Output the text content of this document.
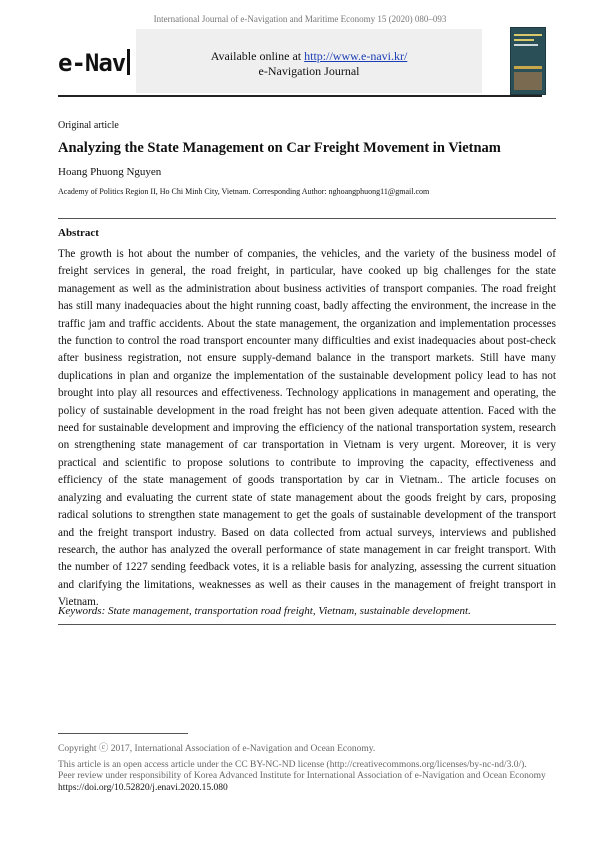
International Journal of e-Navigation and Maritime Economy 15 (2020) 080–093
e-Nav	Available online at http://www.e-navi.kr/
e-Navigation Journal
Original article
Analyzing the State Management on Car Freight Movement in Vietnam
Hoang Phuong Nguyen
Academy of Politics Region II, Ho Chi Minh City, Vietnam. Corresponding Author: nghoangphuong11@gmail.com
Abstract

The growth is hot about the number of companies, the vehicles, and the variety of the business model of freight services in general, the road freight, in particular, have cooked up big challenges for the state management as well as the administration about business activities of transport companies. The road freight has still many inadequacies about the hight running coast, badly affecting the environment, the increase in the traffic jam and traffic accidents. About the state management, the organization and implementation processes the function to control the road transport encounter many difficulties and exist inadequacies about post-check after business registration, not ensure supply-demand balance in the transport markets. Still have many duplications in plan and organize the implementation of the sustainable development policy lead to has not brought into play all resources and effectiveness. Technology applications in management and operating, the policy of sustainable development in the road freight has not been given adequate attention. Faced with the need for sustainable development and improving the efficiency of the national transportation system, research on strengthening state management of car transportation in Vietnam is very urgent. Moreover, it is very practical and scientific to propose solutions to contribute to improving the capacity, effectiveness and efficiency of the state management of goods transportation by car in Vietnam.. The article focuses on analyzing and evaluating the current state of state management about the goods freight by cars, proposing radical solutions to strengthen state management to get the goals of sustainable development of the transport and the freight transport industry. Based on data collected from actual surveys, interviews and published research, the author has analyzed the overall performance of state management in car freight transport. With the number of 1227 sending feedback votes, it is a reliable basis for analyzing, assessing the current situation and clarifying the limitations, weaknesses as well as their causes in the management of freight transport in Vietnam.

Keywords: State management, transportation road freight, Vietnam, sustainable development.
Copyright ⓒ 2017, International Association of e-Navigation and Ocean Economy.
This article is an open access article under the CC BY-NC-ND license (http://creativecommons.org/licenses/by-nc-nd/3.0/).
Peer review under responsibility of Korea Advanced Institute for International Association of e-Navigation and Ocean Economy
https://doi.org/10.52820/j.enavi.2020.15.080
